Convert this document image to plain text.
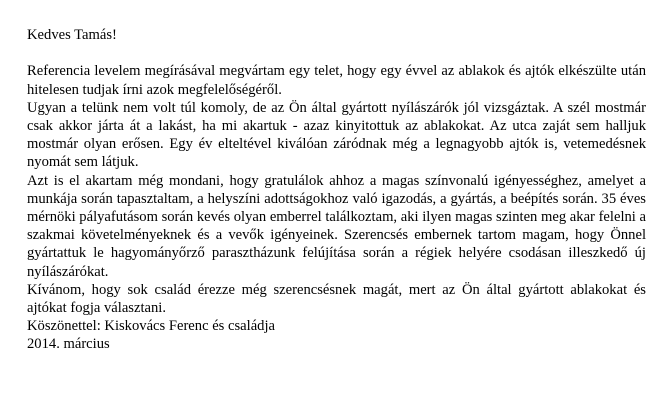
Kedves Tamás!

Referencia levelem megírásával megvártam egy telet, hogy egy évvel az ablakok és ajtók elkészülte után hitelesen tudjak írni azok megfelelőségéről.

Ugyan a telünk nem volt túl komoly, de az Ön által gyártott nyílászárók jól vizsgáztak. A szél mostmár csak akkor járta át a lakást, ha mi akartuk - azaz kinyitottuk az ablakokat. Az utca zaját sem halljuk mostmár olyan erősen. Egy év elteltével kiválóan záródnak még a legnagyobb ajtók is, vetemedésnek nyomát sem látjuk.

Azt is el akartam még mondani, hogy gratulálok ahhoz a magas színvonalú igényességhez, amelyet a munkája során tapasztaltam, a helyszíni adottságokhoz való igazodás, a gyártás, a beépítés során. 35 éves mérnöki pályafutásom során kevés olyan emberrel találkoztam, aki ilyen magas szinten meg akar felelni a szakmai követelményeknek és a vevők igényeinek. Szerencsés embernek tartom magam, hogy Önnel gyártattuk le hagyományőrző parasztházunk felújítása során a régiek helyére csodásan illeszkedő új nyílászárókat.

Kívánom, hogy sok család érezze még szerencsésnek magát, mert az Ön által gyártott ablakokat és ajtókat fogja választani.

Köszönettel: Kiskovács Ferenc és családja

2014. március
